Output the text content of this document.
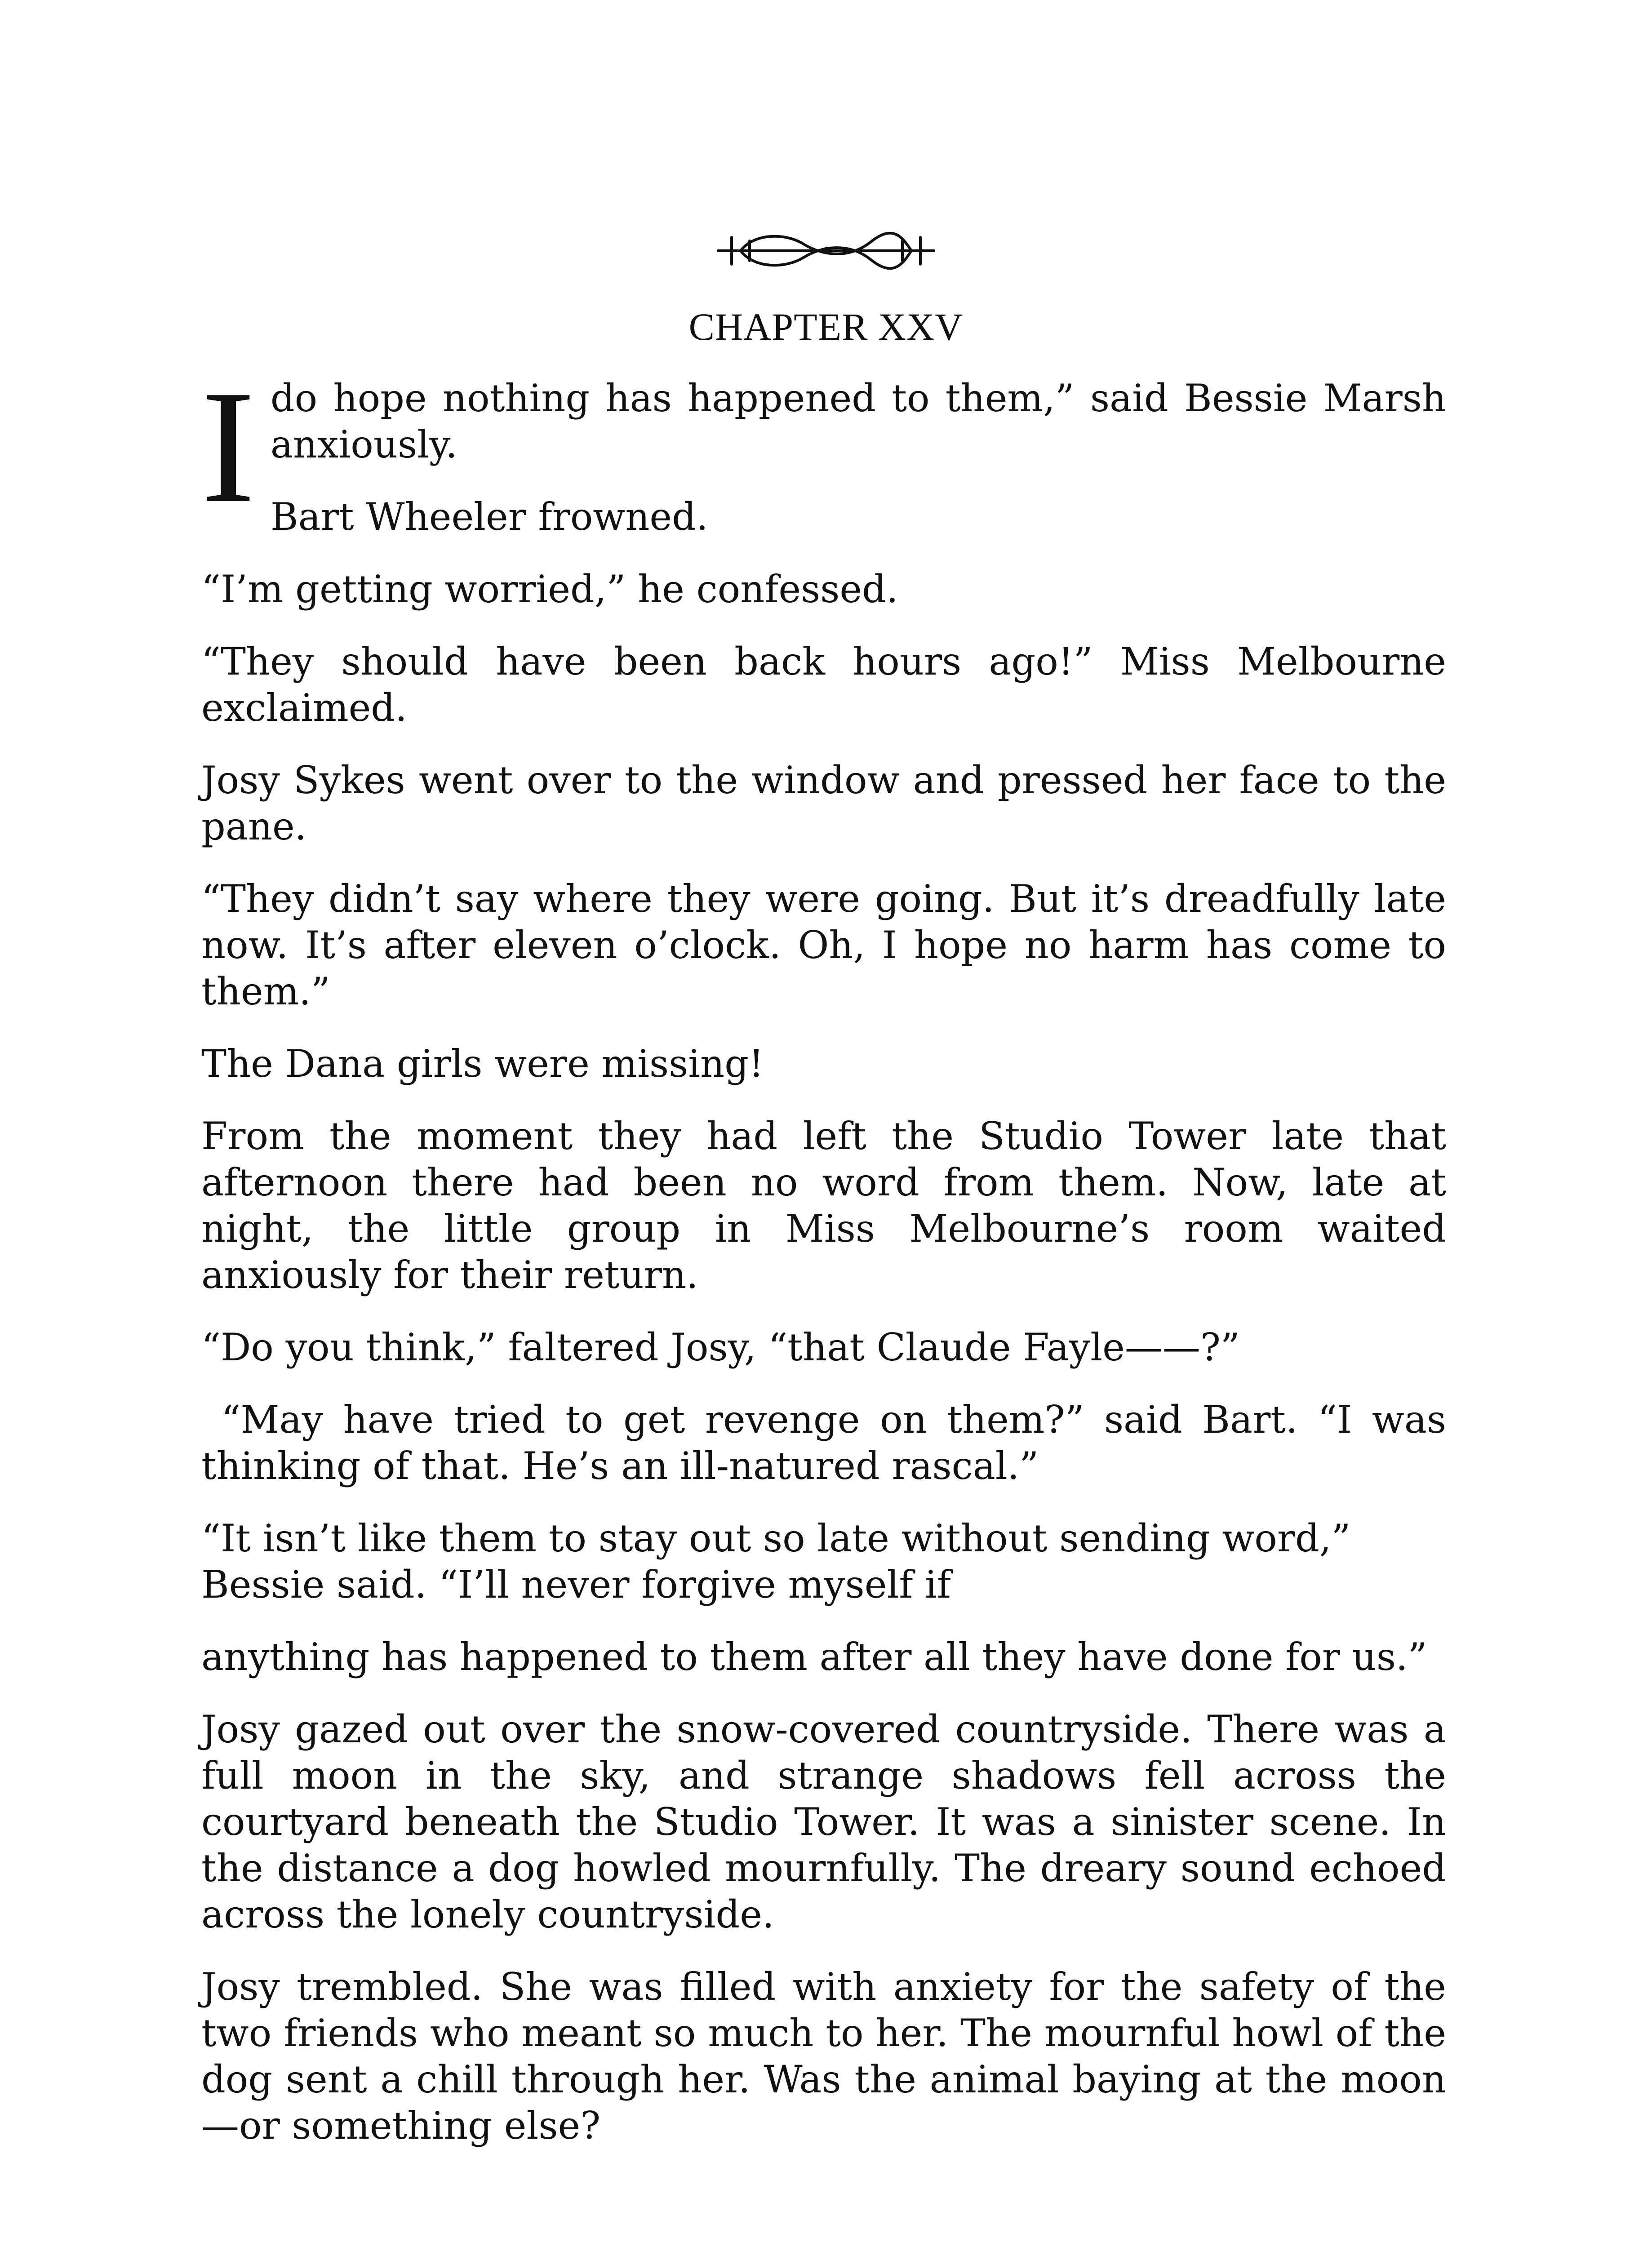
CHAPTER XXV

I do hope nothing has happened to them,” said Bessie Marsh anxiously.

Bart Wheeler frowned.

“I’m getting worried,” he confessed.

“They should have been back hours ago!” Miss Melbourne exclaimed.

Josy Sykes went over to the window and pressed her face to the pane.

“They didn’t say where they were going. But it’s dreadfully late now. It’s after eleven o’clock. Oh, I hope no harm has come to them.”

The Dana girls were missing!

From the moment they had left the Studio Tower late that afternoon there had been no word from them. Now, late at night, the little group in Miss Melbourne’s room waited anxiously for their return.

“Do you think,” faltered Josy, “that Claude Fayle——?”

“May have tried to get revenge on them?” said Bart. “I was thinking of that. He’s an ill-natured rascal.”

“It isn’t like them to stay out so late without sending word,” Bessie said. “I’ll never forgive myself if

anything has happened to them after all they have done for us.”

Josy gazed out over the snow-covered countryside. There was a full moon in the sky, and strange shadows fell across the courtyard beneath the Studio Tower. It was a sinister scene. In the distance a dog howled mournfully. The dreary sound echoed across the lonely countryside.

Josy trembled. She was filled with anxiety for the safety of the two friends who meant so much to her. The mournful howl of the dog sent a chill through her. Was the animal baying at the moon—or something else?
